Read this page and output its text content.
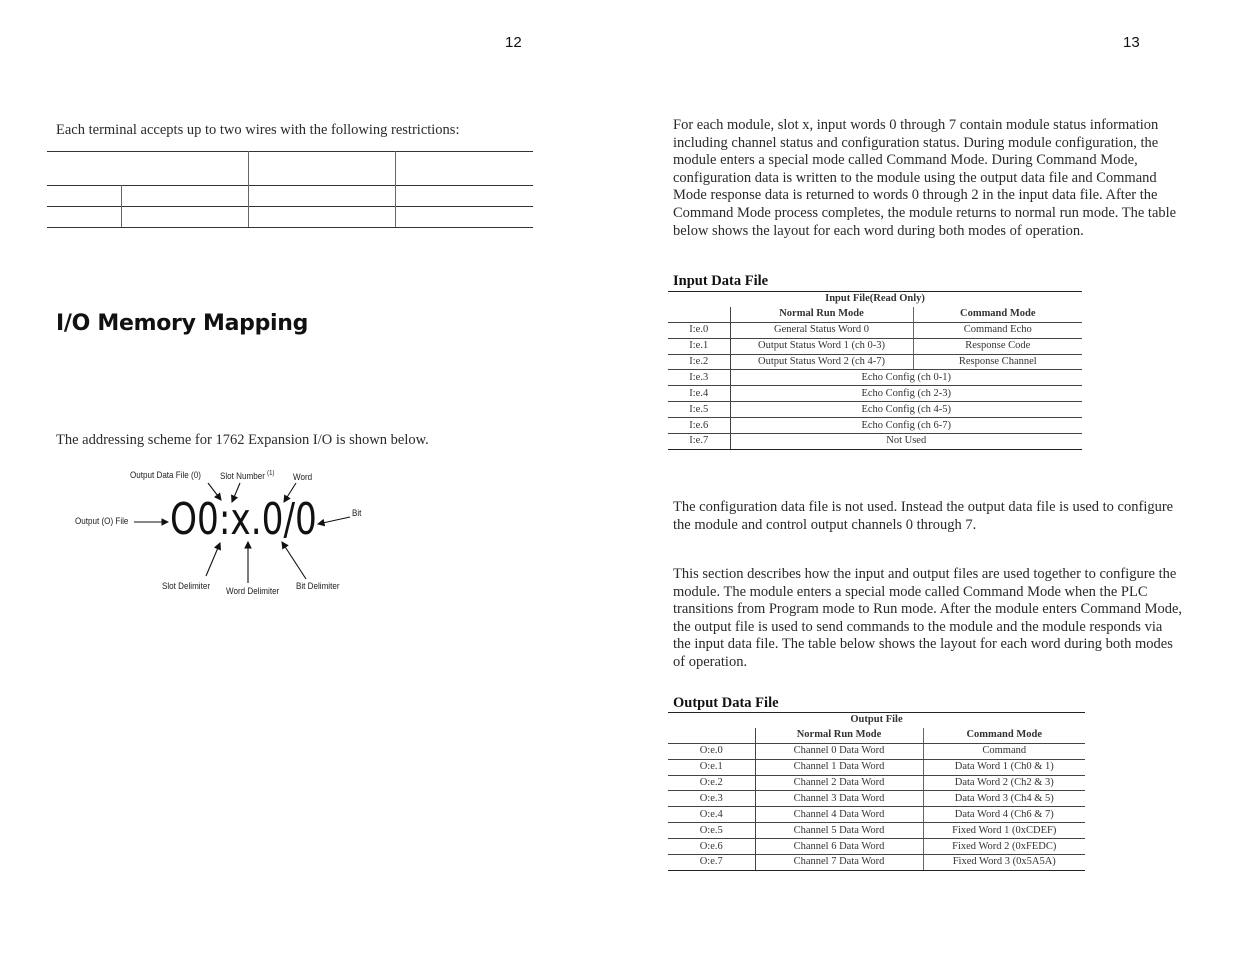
12
Each terminal accepts up to two wires with the following restrictions:
I/O Memory Mapping
The addressing scheme for 1762 Expansion I/O is shown below.
Output Data File (0) Slot Number $^{(1)}$ Word
Output (O) File
Bit
O0:x.0/0
Slot Delimiter Word Delimiter Bit Delimiter
13
For each module, slot x, input words 0 through 7 contain module status information including channel status and configuration status. During module configuration, the module enters a special mode called Command Mode. During Command Mode, configuration data is written to the module using the output data file and Command Mode response data is returned to words 0 through 2 in the input data file. After the Command Mode process completes, the module returns to normal run mode. The table below shows the layout for each word during both modes of operation.
Input Data File
Input File(Read Only)		
	Normal Run Mode	Command Mode
I:e.0	General Status Word 0	Command Echo
I:e.1	Output Status Word 1 (ch 0-3)	Response Code
I:e.2	Output Status Word 2 (ch 4-7)	Response Channel
I:e.3	Echo Config (ch 0-1)	
I:e.4	Echo Config (ch 2-3)	
I:e.5	Echo Config (ch 4-5)	
I:e.6	Echo Config (ch 6-7)	
I:e.7	Not Used	
The configuration data file is not used. Instead the output data file is used to configure the module and control output channels 0 through 7.
This section describes how the input and output files are used together to configure the module. The module enters a special mode called Command Mode when the PLC transitions from Program mode to Run mode. After the module enters Command Mode, the output file is used to send commands to the module and the module responds via the input data file. The table below shows the layout for each word during both modes of operation.
Output Data File
Output File		
	Normal Run Mode	Command Mode
O:e.0	Channel 0 Data Word	Command
O:e.1	Channel 1 Data Word	Data Word 1 (Ch0 & 1)
O:e.2	Channel 2 Data Word	Data Word 2 (Ch2 & 3)
O:e.3	Channel 3 Data Word	Data Word 3 (Ch4 & 5)
O:e.4	Channel 4 Data Word	Data Word 4 (Ch6 & 7)
O:e.5	Channel 5 Data Word	Fixed Word 1 (0xCDEF)
O:e.6	Channel 6 Data Word	Fixed Word 2 (0xFEDC)
O:e.7	Channel 7 Data Word	Fixed Word 3 (0x5A5A)
